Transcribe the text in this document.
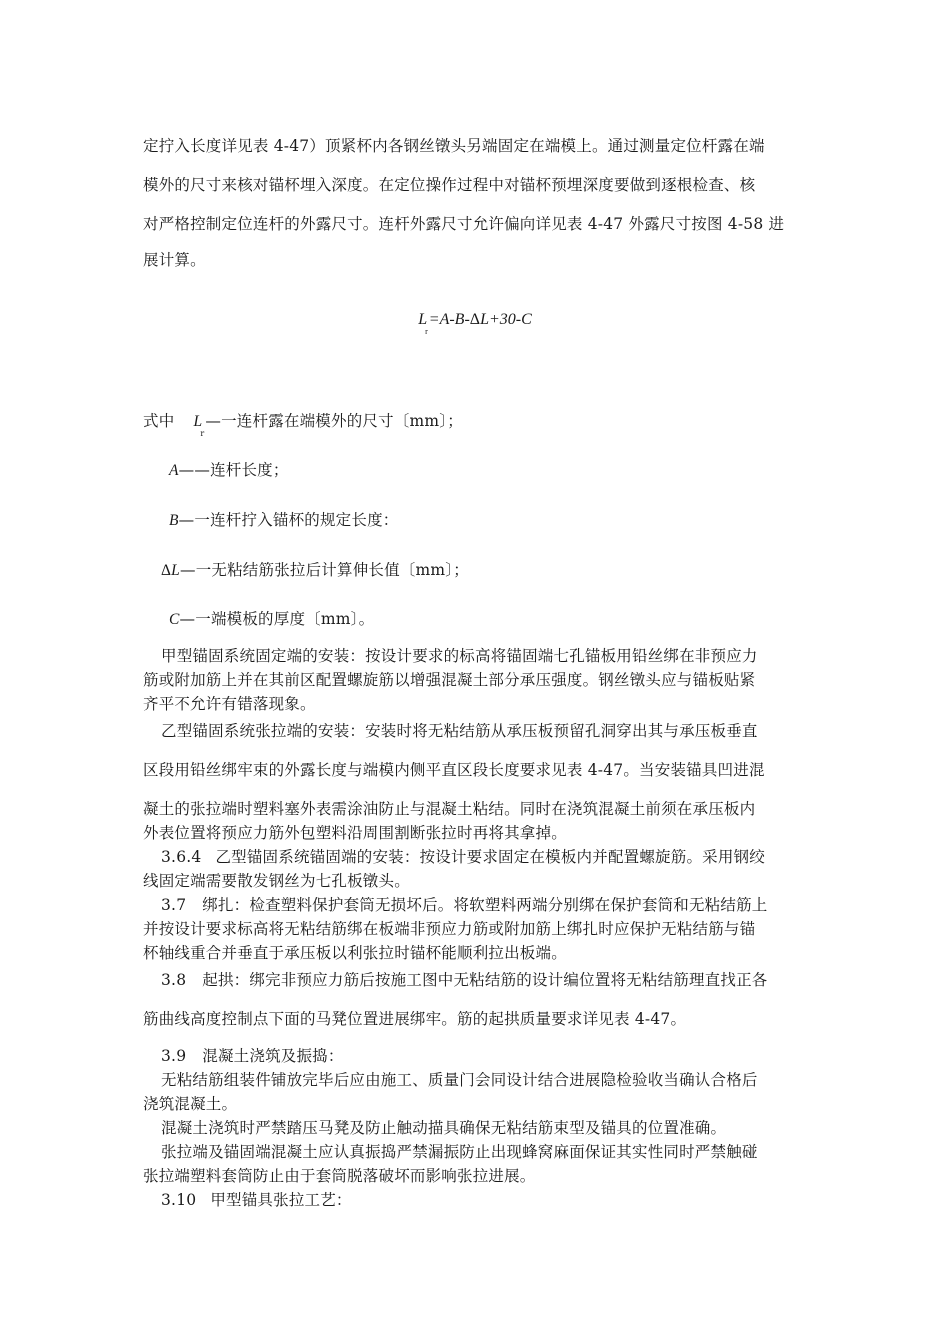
定拧入长度详见表 4-47）顶紧杯内各钢丝镦头另端固定在端模上。通过测量定位杆露在端
模外的尺寸来核对锚杯埋入深度。在定位操作过程中对锚杯预埋深度要做到逐根检查、核
对严格控制定位连杆的外露尺寸。连杆外露尺寸允许偏向详见表 4-47 外露尺寸按图 4-58 进
展计算。
$L_r=A-B-\Delta L+30-C$
式中 $L_r—$一连杆露在端模外的尺寸〔mm〕；
A——连杆长度；
B—一连杆拧入锚杯的规定长度：
ΔL—一无粘结筋张拉后计算伸长值〔mm〕；
C—一端模板的厚度〔mm〕。
甲型锚固系统固定端的安装：按设计要求的标高将锚固端七孔锚板用铅丝绑在非预应力
筋或附加筋上并在其前区配置螺旋筋以增强混凝土部分承压强度。钢丝镦头应与锚板贴紧
齐平不允许有错落现象。
乙型锚固系统张拉端的安装：安装时将无粘结筋从承压板预留孔洞穿出其与承压板垂直
区段用铅丝绑牢束的外露长度与端模内侧平直区段长度要求见表 4-47。当安装锚具凹进混
凝土的张拉端时塑料塞外表需涂油防止与混凝土粘结。同时在浇筑混凝土前须在承压板内
外表位置将预应力筋外包塑料沿周围割断张拉时再将其拿掉。
3.6.4 乙型锚固系统锚固端的安装：按设计要求固定在模板内并配置螺旋筋。采用钢绞
线固定端需要散发钢丝为七孔板镦头。
3.7 绑扎：检查塑料保护套筒无损坏后。将软塑料两端分别绑在保护套筒和无粘结筋上
并按设计要求标高将无粘结筋绑在板端非预应力筋或附加筋上绑扎时应保护无粘结筋与锚
杯轴线重合并垂直于承压板以利张拉时锚杯能顺利拉出板端。
3.8 起拱：绑完非预应力筋后按施工图中无粘结筋的设计编位置将无粘结筋理直找正各
筋曲线高度控制点下面的马凳位置进展绑牢。筋的起拱质量要求详见表 4-47。
3.9 混凝土浇筑及振捣：
无粘结筋组装件铺放完毕后应由施工、质量门会同设计结合进展隐检验收当确认合格后
浇筑混凝土。
混凝土浇筑时严禁踏压马凳及防止触动描具确保无粘结筋束型及锚具的位置准确。
张拉端及锚固端混凝土应认真振捣严禁漏振防止出现蜂窝麻面保证其实性同时严禁触碰
张拉端塑料套筒防止由于套筒脱落破坏而影响张拉进展。
3.10 甲型锚具张拉工艺：
